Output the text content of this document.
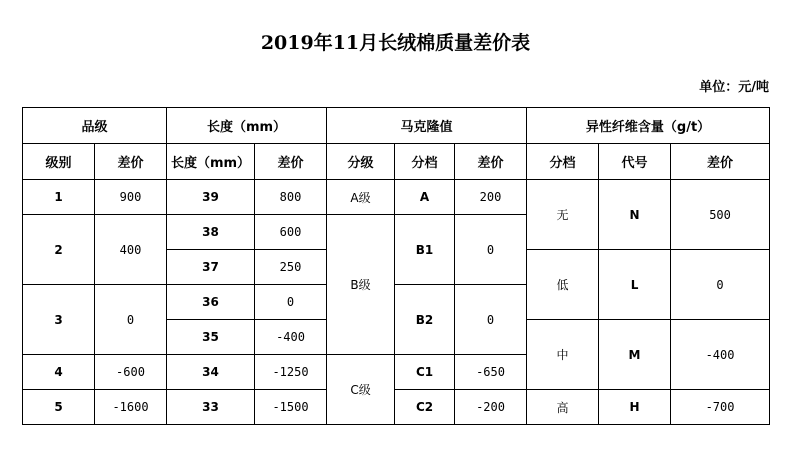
2019年11月长绒棉质量差价表
单位：元/吨
品级		长度（mm）		马克隆值			异性纤维含量（g/t）		
级别	差价	长度（mm）	差价	分级	分档	差价	分档	代号	差价
1	900	39	800	A级	A	200	无	N	500
2	400	38	600	B级	B1	0			
		37	250				低	L	0
3	0	36	0		B2	0			
		35	-400				中	M	-400
4	-600	34	-1250	C级	C1	-650			
5	-1600	33	-1500		C2	-200	高	H	-700
